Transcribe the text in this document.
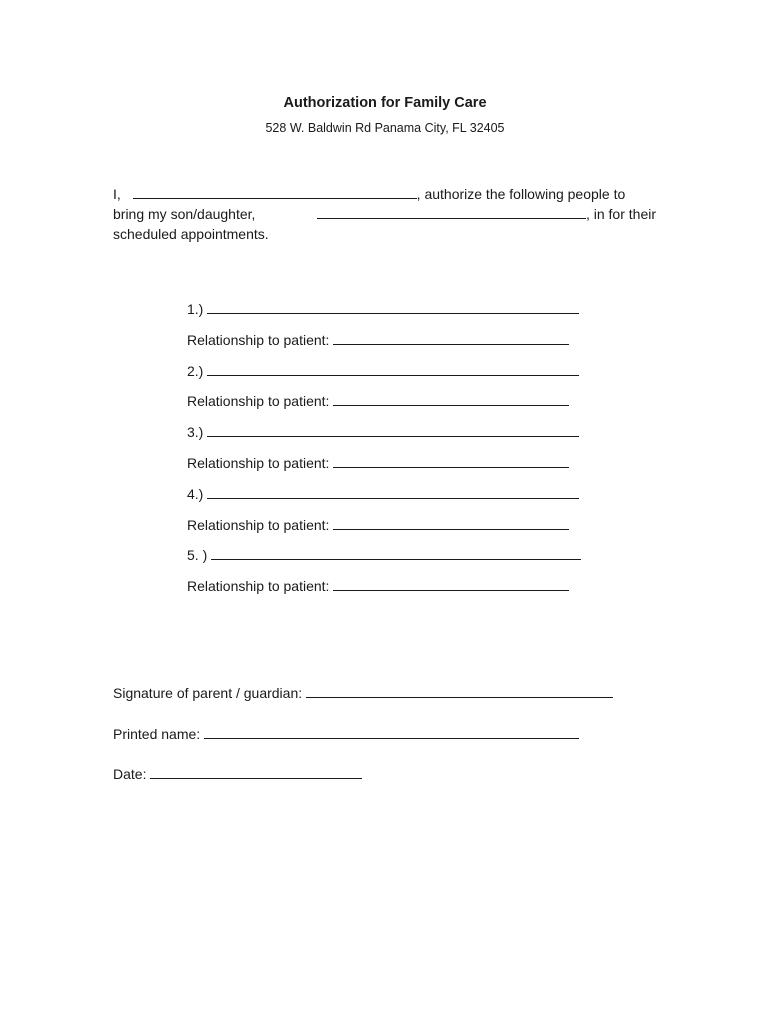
Authorization for Family Care
528 W. Baldwin Rd Panama City, FL 32405
I,	, authorize the following people to
bring my son/daughter,	, in for their
scheduled appointments.
1.)
Relationship to patient:
2.)
Relationship to patient:
3.)
Relationship to patient:
4.)
Relationship to patient:
5. )
Relationship to patient:
Signature of parent / guardian:
Printed name:
Date:
